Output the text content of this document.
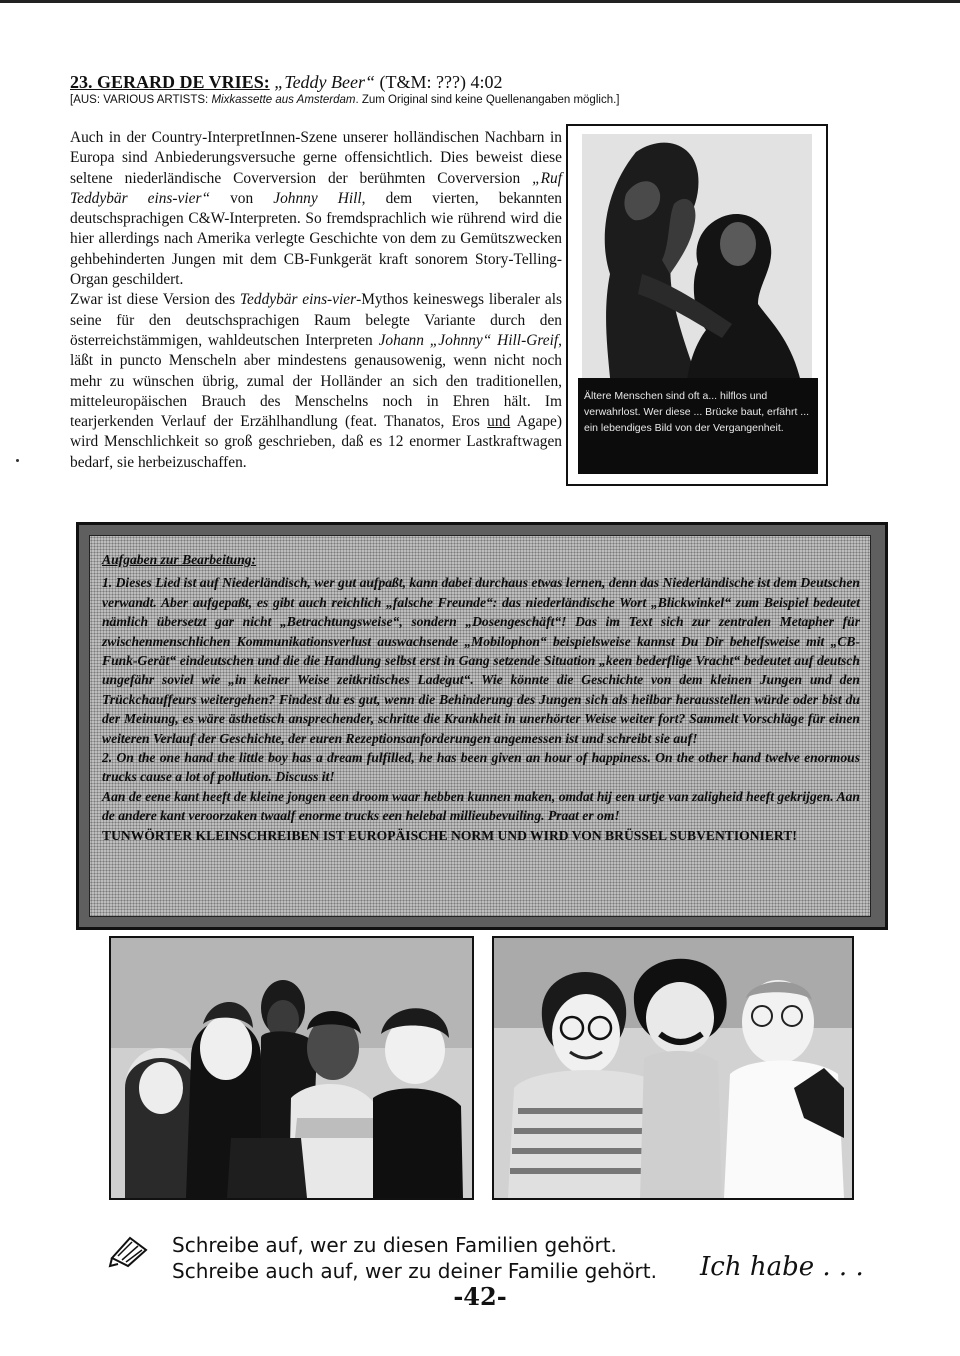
23. GERARD DE VRIES: „Teddy Beer“ (T&M: ???) 4:02
[AUS: VARIOUS ARTISTS: Mixkassette aus Amsterdam. Zum Original sind keine Quellenangaben möglich.]

Auch in der Country-InterpretInnen-Szene unserer holländischen Nachbarn in Europa sind Anbiederungsversuche gerne offensichtlich. Dies beweist diese seltene niederländische Coverversion der berühmten Coverversion „Ruf Teddybär eins-vier“ von Johnny Hill, dem vierten, bekannten deutschsprachigen C&W-Interpreten. So fremdsprachlich wie rührend wird die hier allerdings nach Amerika verlegte Geschichte von dem zu Gemütszwecken gehbehinderten Jungen mit dem CB-Funkgerät kraft sonorem Story-Telling-Organ geschildert.

Zwar ist diese Version des Teddybär eins-vier-Mythos keineswegs liberaler als seine für den deutschsprachigen Raum belegte Variante durch den österreichstämmigen, wahldeutschen Interpreten Johann „Johnny“ Hill-Greif, läßt in puncto Menscheln aber mindestens genausowenig, wenn nicht noch mehr zu wünschen übrig, zumal der Holländer an sich den traditionellen, mitteleuropäischen Brauch des Menschelns noch in Ehren hält. Im tearjerkenden Verlauf der Erzählhandlung (feat. Thanatos, Eros und Agape) wird Menschlichkeit so groß geschrieben, daß es 12 enormer Lastkraftwagen bedarf, sie herbeizuschaffen.

Ältere Menschen sind oft a... hilflos und verwahrlost. Wer diese ... Brücke baut, erfährt ... ein lebendiges Bild von der Vergangenheit.

Aufgaben zur Bearbeitung:

1. Dieses Lied ist auf Niederländisch, wer gut aufpaßt, kann dabei durchaus etwas lernen, denn das Niederländische ist dem Deutschen verwandt. Aber aufgepaßt, es gibt auch reichlich „falsche Freunde“: das niederländische Wort „Blickwinkel“ zum Beispiel bedeutet nämlich übersetzt gar nicht „Betrachtungsweise“, sondern „Dosengeschäft“! Das im Text sich zur zentralen Metapher für zwischenmenschlichen Kommunikationsverlust auswachsende „Mobilophon“ beispielsweise kannst Du Dir behelfsweise mit „CB-Funk-Gerät“ eindeutschen und die die Handlung selbst erst in Gang setzende Situation „keen bederflige Vracht“ bedeutet auf deutsch ungefähr soviel wie „in keiner Weise zeitkritisches Ladegut“. Wie könnte die Geschichte von dem kleinen Jungen und den Trückchauffeurs weitergehen? Findest du es gut, wenn die Behinderung des Jungen sich als heilbar herausstellen würde oder bist du der Meinung, es wäre ästhetisch ansprechender, schritte die Krankheit in unerhörter Weise weiter fort? Sammelt Vorschläge für einen weiteren Verlauf der Geschichte, der euren Rezeptionsanforderungen angemessen ist und schreibt sie auf!

2. On the one hand the little boy has a dream fulfilled, he has been given an hour of happiness. On the other hand twelve enormous trucks cause a lot of pollution. Discuss it!

Aan de eene kant heeft de kleine jongen een droom waar hebben kunnen maken, omdat hij een urtje van zaligheid heeft gekrijgen. Aan de andere kant veroorzaken twaalf enorme trucks een helebal millieubevuiling. Praat er om!

TUNWÖRTER KLEINSCHREIBEN IST EUROPÄISCHE NORM UND WIRD VON BRÜSSEL SUBVENTIONIERT!

Schreibe auf, wer zu diesen Familien gehört.
Schreibe auch auf, wer zu deiner Familie gehört.	Ich habe . . .
-42-
